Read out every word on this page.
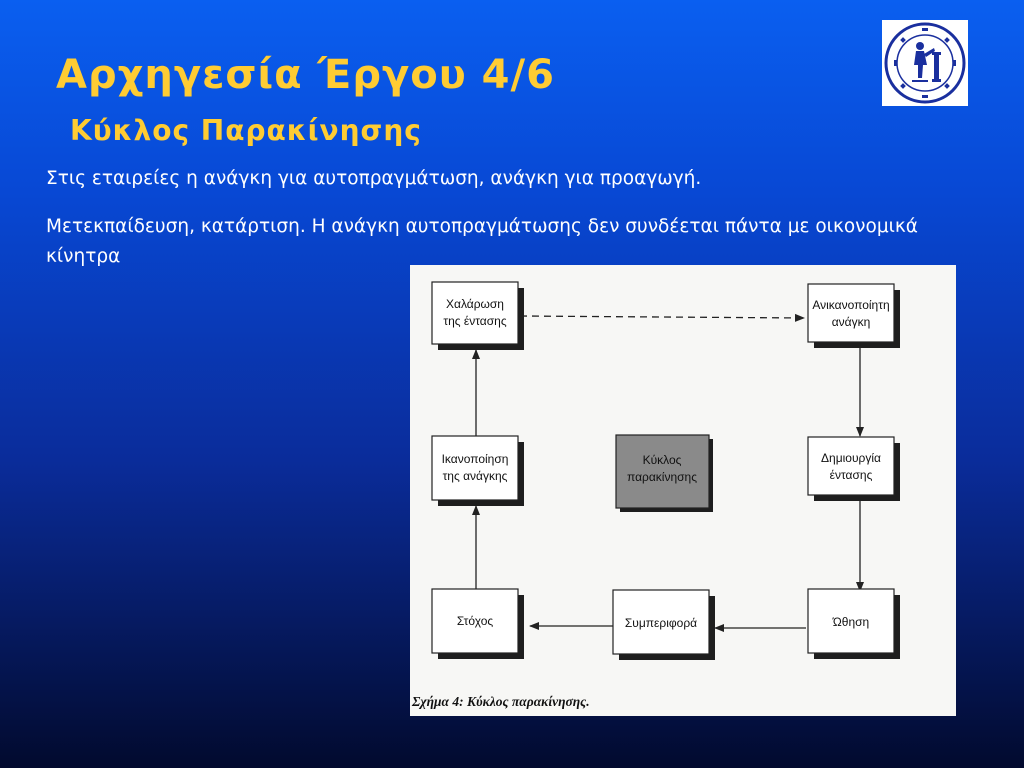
Αρχηγεσία Έργου 4/6
Κύκλος Παρακίνησης

Στις εταιρείες η ανάγκη για αυτοπραγμάτωση, ανάγκη για προαγωγή.

Μετεκπαίδευση, κατάρτιση. Η ανάγκη αυτοπραγμάτωσης δεν συνδέεται πάντα με οικονομικά κίνητρα

Χαλάρωση
της έντασης
Ανικανοποίητη
ανάγκη
Ικανοποίηση
της ανάγκης
Δημιουργία
έντασης
Στόχος	Συμπεριφορά	Ώθηση
Κύκλος
παρακίνησης
Σχήμα 4: Κύκλος παρακίνησης.
